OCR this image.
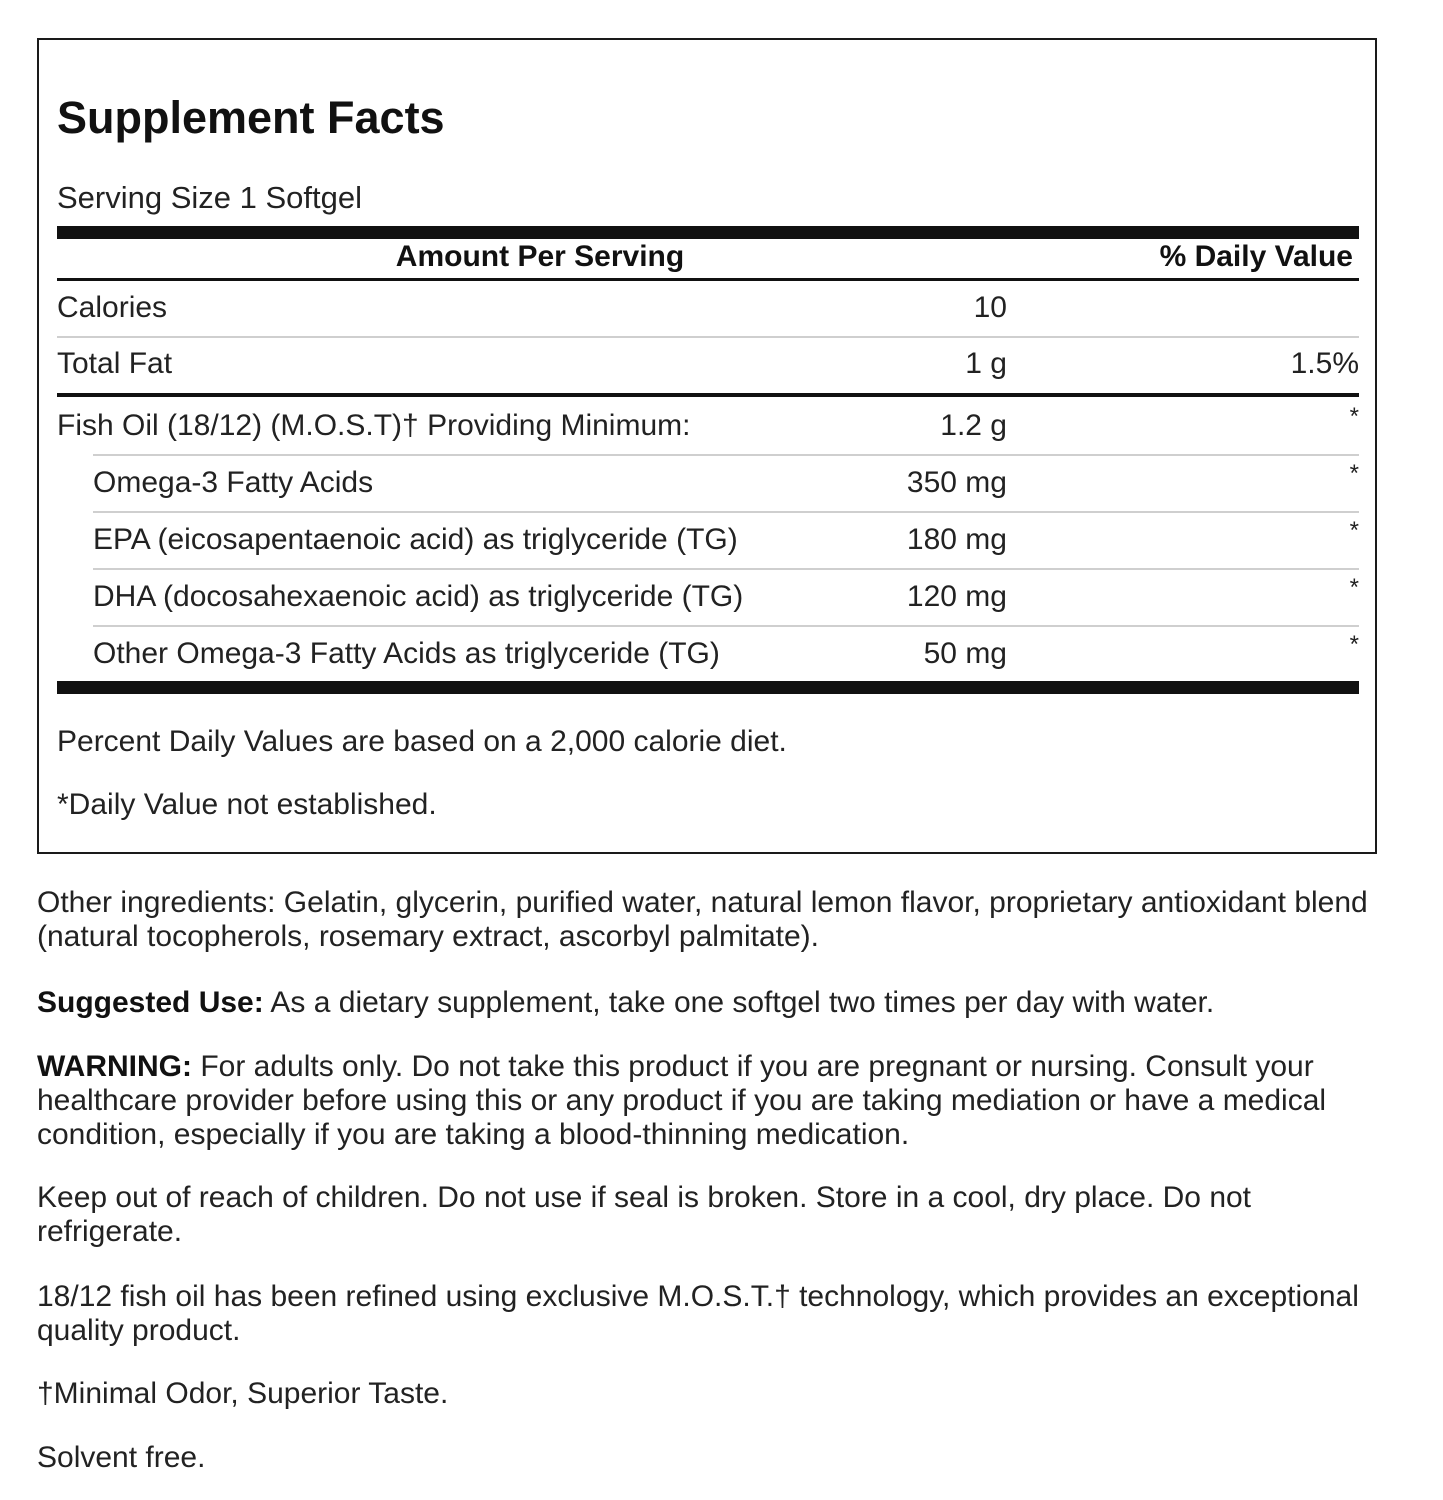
Supplement Facts
Serving Size 1 Softgel
Amount Per Serving	% Daily Value
Calories	10
Total Fat	1 g	1.5%
Fish Oil (18/12) (M.O.S.T)† Providing Minimum:	1.2 g	*
Omega-3 Fatty Acids	350 mg	*
EPA (eicosapentaenoic acid) as triglyceride (TG)	180 mg	*
DHA (docosahexaenoic acid) as triglyceride (TG)	120 mg	*
Other Omega-3 Fatty Acids as triglyceride (TG)	50 mg	*
Percent Daily Values are based on a 2,000 calorie diet.
*Daily Value not established.
Other ingredients: Gelatin, glycerin, purified water, natural lemon flavor, proprietary antioxidant blend (natural tocopherols, rosemary extract, ascorbyl palmitate).
Suggested Use: As a dietary supplement, take one softgel two times per day with water.
WARNING: For adults only. Do not take this product if you are pregnant or nursing. Consult your healthcare provider before using this or any product if you are taking mediation or have a medical condition, especially if you are taking a blood-thinning medication.
Keep out of reach of children. Do not use if seal is broken. Store in a cool, dry place. Do not refrigerate.
18/12 fish oil has been refined using exclusive M.O.S.T.† technology, which provides an exceptional quality product.
†Minimal Odor, Superior Taste.
Solvent free.
